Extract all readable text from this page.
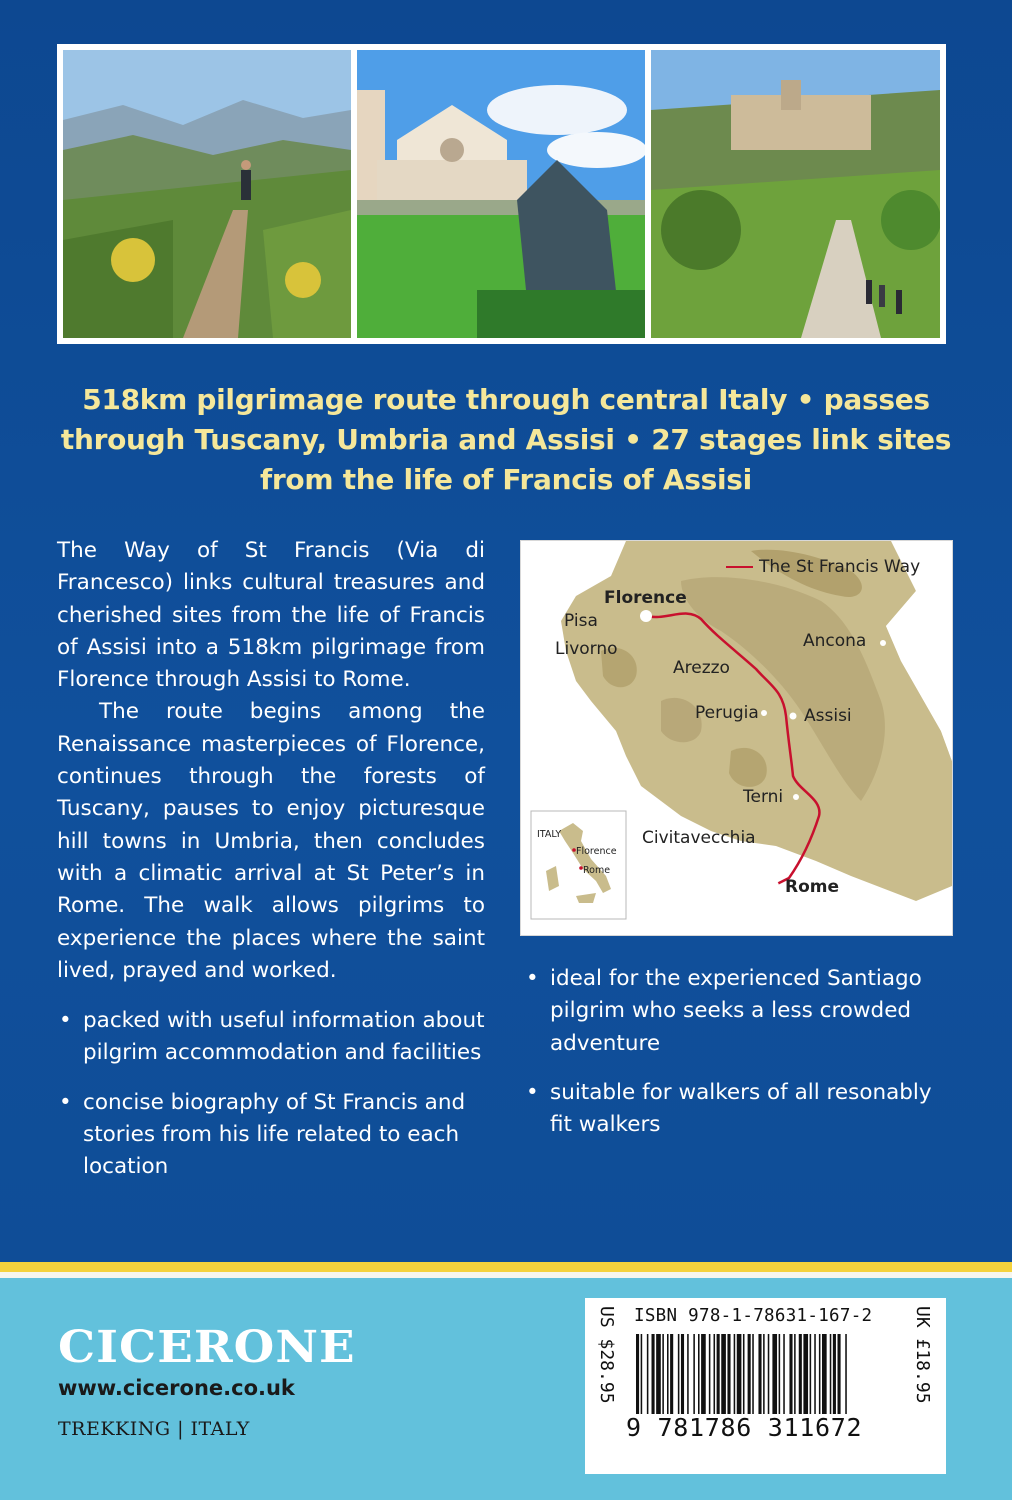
518km pilgrimage route through central Italy • passes
through Tuscany, Umbria and Assisi • 27 stages link sites
from the life of Francis of Assisi

The Way of St Francis (Via di Francesco) links cultural treasures and cherished sites from the life of Francis of Assisi into a 518km pilgrimage from Florence through Assisi to Rome.

The route begins among the Renaissance masterpieces of Florence, continues through the forests of Tuscany, pauses to enjoy picturesque hill towns in Umbria, then concludes with a climatic arrival at St Peter’s in Rome. The walk allows pilgrims to experience the places where the saint lived, prayed and worked.

• packed with useful information about pilgrim accommodation and facilities
• concise biography of St Francis and stories from his life related to each location
The St Francis Way
Florence
Pisa
Livorno	Ancona
Arezzo
Perugia	Assisi
Terni
Civitavecchia
Rome
ITALY
Florence
Rome
• ideal for the experienced Santiago pilgrim who seeks a less crowded adventure
• suitable for walkers of all resonably fit walkers
CICERONE
www.cicerone.co.uk
TREKKING | ITALY
ISBN 978-1-78631-167-2
9 781786 311672
US $28.95	UK £18.95
